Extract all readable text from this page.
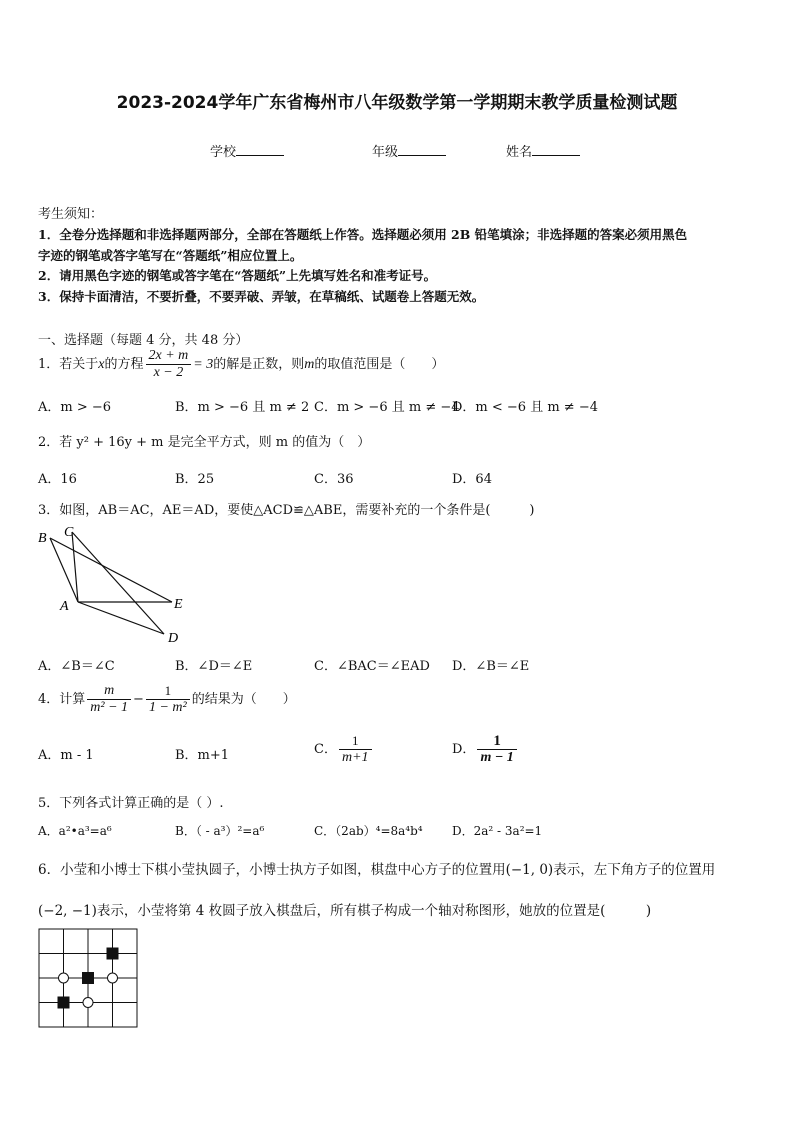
2023-2024学年广东省梅州市八年级数学第一学期期末教学质量检测试题
学校	年级	姓名
考生须知：
1．全卷分选择题和非选择题两部分，全部在答题纸上作答。选择题必须用 2B 铅笔填涂；非选择题的答案必须用黑色
字迹的钢笔或答字笔写在“答题纸”相应位置上。
2．请用黑色字迹的钢笔或答字笔在“答题纸”上先填写姓名和准考证号。
3．保持卡面清洁，不要折叠，不要弄破、弄皱，在草稿纸、试题卷上答题无效。
一、选择题（每题 4 分，共 48 分）
1．若关于x的方程 $\frac{2x + m}{x - 2} = 3$的解是正数，则m的取值范围是（　　）
A．m > −6	B．m > −6 且 m ≠ 2 C．m > −6 且 m ≠ −4
D．m < −6 且 m ≠ −4
2．若 y² + 16y + m 是完全平方式，则 m 的值为（　）
A．16	B．25	C．36	D．64
3．如图，AB＝AC，AE＝AD，要使△ACD≌△ABE，需要补充的一个条件是(　　　)
B C
A	E
D
A．∠B＝∠C	B．∠D＝∠E	C．∠BAC＝∠EAD D．∠B＝∠E
4．计算 $\frac{m}{\text{m² − 1}} - \frac{1}{\text{1 − m²}}$ 的结果为（　　）
A．m - 1	B．m+1	C． $\frac{1}{m+1}$	D． $\frac{1}{m - 1}$
5．下列各式计算正确的是（ ）.
A．a²•a³=a⁶	B．（ - a³）²=a⁶	C．（2ab）⁴=8a⁴b⁴ D．2a² - 3a²=1
6．小莹和小博士下棋小莹执圆子，小博士执方子如图，棋盘中心方子的位置用(−1, 0)表示，左下角方子的位置用
(−2, −1)表示，小莹将第 4 枚圆子放入棋盘后，所有棋子构成一个轴对称图形，她放的位置是(　　　)
